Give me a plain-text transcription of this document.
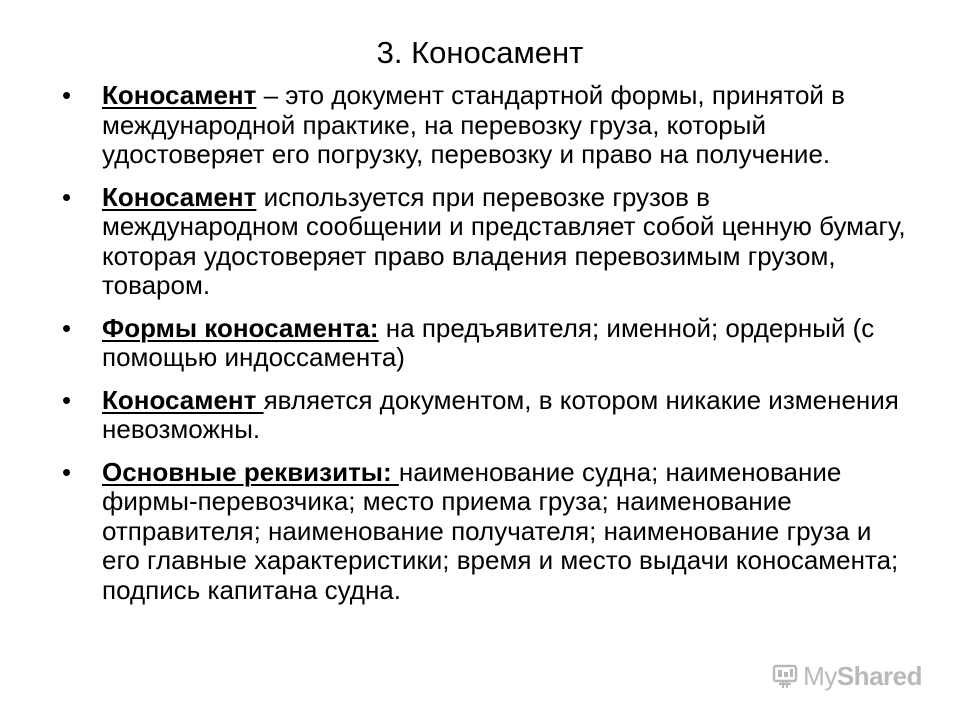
3. Коносамент
•	Коносамент – это документ стандартной формы, принятой в международной практике, на перевозку груза, который удостоверяет его погрузку, перевозку и право на получение.
•	Коносамент используется при перевозке грузов в международном сообщении и представляет собой ценную бумагу, которая удостоверяет право владения перевозимым грузом, товаром.
•	Формы коносамента: на предъявителя; именной; ордерный (с помощью индоссамента)
•	Коносамент является документом, в котором никакие изменения невозможны.
•	Основные реквизиты: наименование судна; наименование фирмы-перевозчика; место приема груза; наименование отправителя; наименование получателя; наименование груза и его главные характеристики; время и место выдачи коносамента; подпись капитана судна.
MyShared
